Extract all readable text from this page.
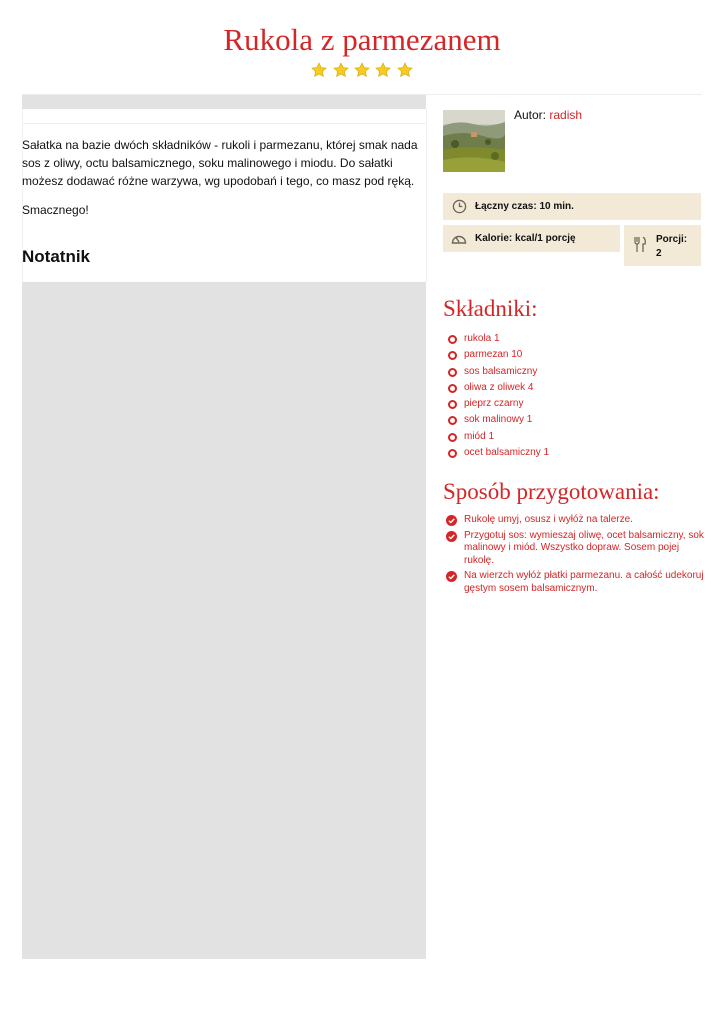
Rukola z parmezanem

Sałatka na bazie dwóch składników - rukoli i parmezanu, której smak nada sos z oliwy, octu balsamicznego, soku malinowego i miodu. Do sałatki możesz dodawać różne warzywa, wg upodobań i tego, co masz pod ręką.

Smacznego!

Notatnik
Autor: radish
Łączny czas: 10 min.
Kalorie: kcal/1 porcję	Porcji:
2
Składniki:
rukola 1
parmezan 10
sos balsamiczny
oliwa z oliwek 4
pieprz czarny
sok malinowy 1
miód 1
ocet balsamiczny 1
Sposób przygotowania:
Rukolę umyj, osusz i wyłóż na talerze.
Przygotuj sos: wymieszaj oliwę, ocet balsamiczny, sok malinowy i miód. Wszystko dopraw. Sosem pojej rukolę.
Na wierzch wyłóż płatki parmezanu. a całość udekoruj gęstym sosem balsamicznym.
